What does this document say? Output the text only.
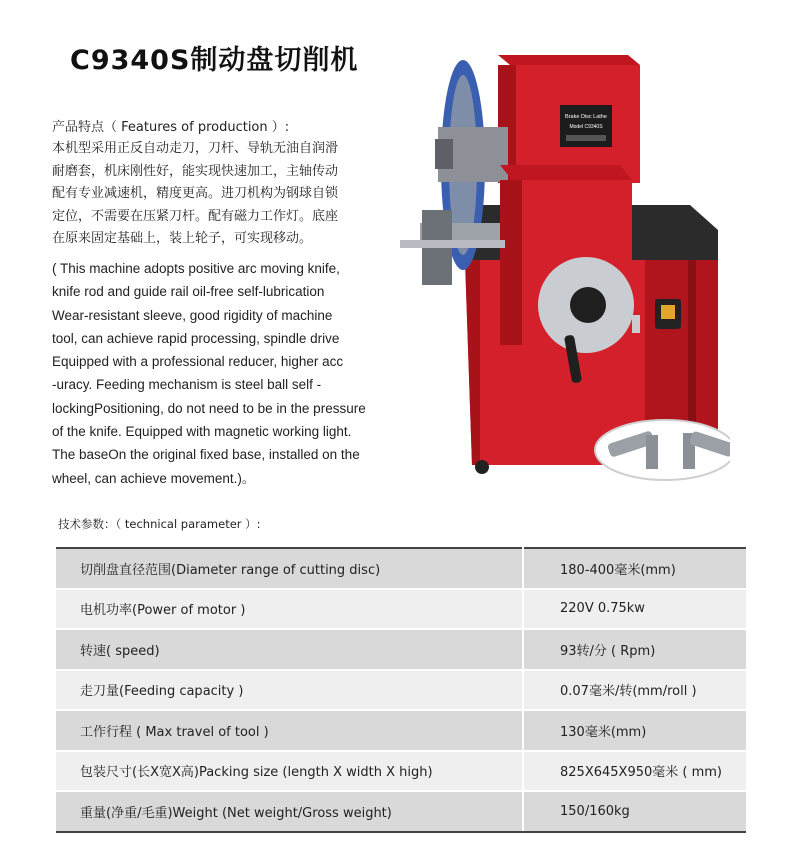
C9340S制动盘切削机
产品特点（ Features of production ）:
本机型采用正反自动走刀，刀杆、导轨无油自润滑
耐磨套，机床刚性好，能实现快速加工，主轴传动
配有专业减速机，精度更高。进刀机构为钢球自锁
定位，不需要在压紧刀杆。配有磁力工作灯。底座
在原来固定基础上，装上轮子，可实现移动。
( This machine adopts positive arc moving knife,
knife rod and guide rail oil-free self-lubrication
Wear-resistant sleeve, good rigidity of machine
tool, can achieve rapid processing, spindle drive
Equipped with a professional reducer, higher acc
-uracy. Feeding mechanism is steel ball self -
lockingPositioning, do not need to be in the pressure
of the knife. Equipped with magnetic working light.
The baseOn the original fixed base, installed on the
wheel, can achieve movement.)。
Brake Disc Lathe
Model C9340S
技术参数：（ technical parameter ）:
切削盘直径范围(Diameter range of cutting disc)	180-400毫米(mm)
电机功率(Power of motor )	220V 0.75kw
转速( speed)	93转/分 ( Rpm)
走刀量(Feeding capacity )	0.07毫米/转(mm/roll )
工作行程 ( Max travel of tool )	130毫米(mm)
包装尺寸(长X宽X高)Packing size (length X width X high)	825X645X950毫米 ( mm)
重量(净重/毛重)Weight (Net weight/Gross weight)	150/160kg
